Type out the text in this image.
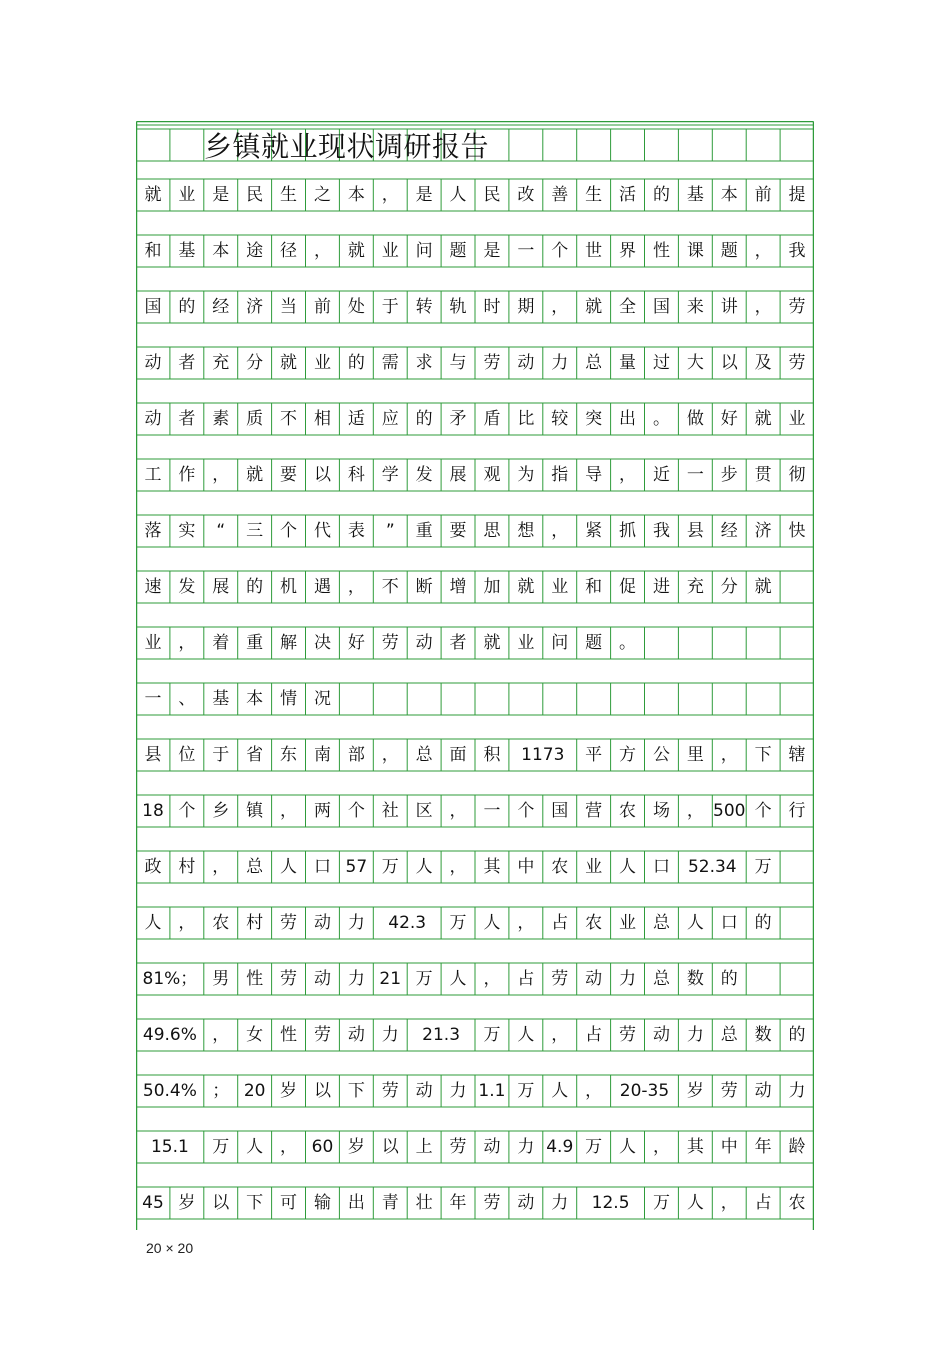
乡镇就业现状调研报告
就 业 是 民 生 之 本 ， 是 人 民 改 善 生 活 的 基 本 前 提
和 基 本 途 径 ， 就 业 问 题 是 一 个 世 界 性 课 题 ， 我
国 的 经 济 当 前 处 于 转 轨 时 期 ， 就 全 国 来 讲 ， 劳
动 者 充 分 就 业 的 需 求 与 劳 动 力 总 量 过 大 以 及 劳
动 者 素 质 不 相 适 应 的 矛 盾 比 较 突 出 。 做 好 就 业
工 作 ， 就 要 以 科 学 发 展 观 为 指 导 ， 近 一 步 贯 彻
落 实	“	三 个 代 表	”	重 要 思 想 ， 紧 抓 我 县 经 济 快
速 发 展 的 机 遇 ， 不 断 增 加 就 业 和 促 进 充 分 就
业 ， 着 重 解 决 好 劳 动 者 就 业 问 题 。
一 、 基 本 情 况
县 位 于 省 东 南 部 ， 总 面 积	1173	平 方 公 里 ， 下 辖
18 个 乡 镇 ， 两 个 社 区 ， 一 个 国 营 农 场 ， 500 个 行
政 村 ， 总 人 口 57 万 人 ， 其 中 农 业 人 口	52.34	万
人 ， 农 村 劳 动 力	42.3	万 人 ， 占 农 业 总 人 口 的
81%； 男 性 劳 动 力 21 万 人 ， 占 劳 动 力 总 数 的
49.6% ， 女 性 劳 动 力	21.3	万 人 ， 占 劳 动 力 总 数 的
50.4% ； 20 岁 以 下 劳 动 力 1.1 万 人 ，	20-35	岁 劳 动 力
15.1	万 人 ， 60 岁 以 上 劳 动 力 4.9 万 人 ， 其 中 年 龄
45 岁 以 下 可 输 出 青 壮 年 劳 动 力	12.5	万 人 ， 占 农
20 × 20
